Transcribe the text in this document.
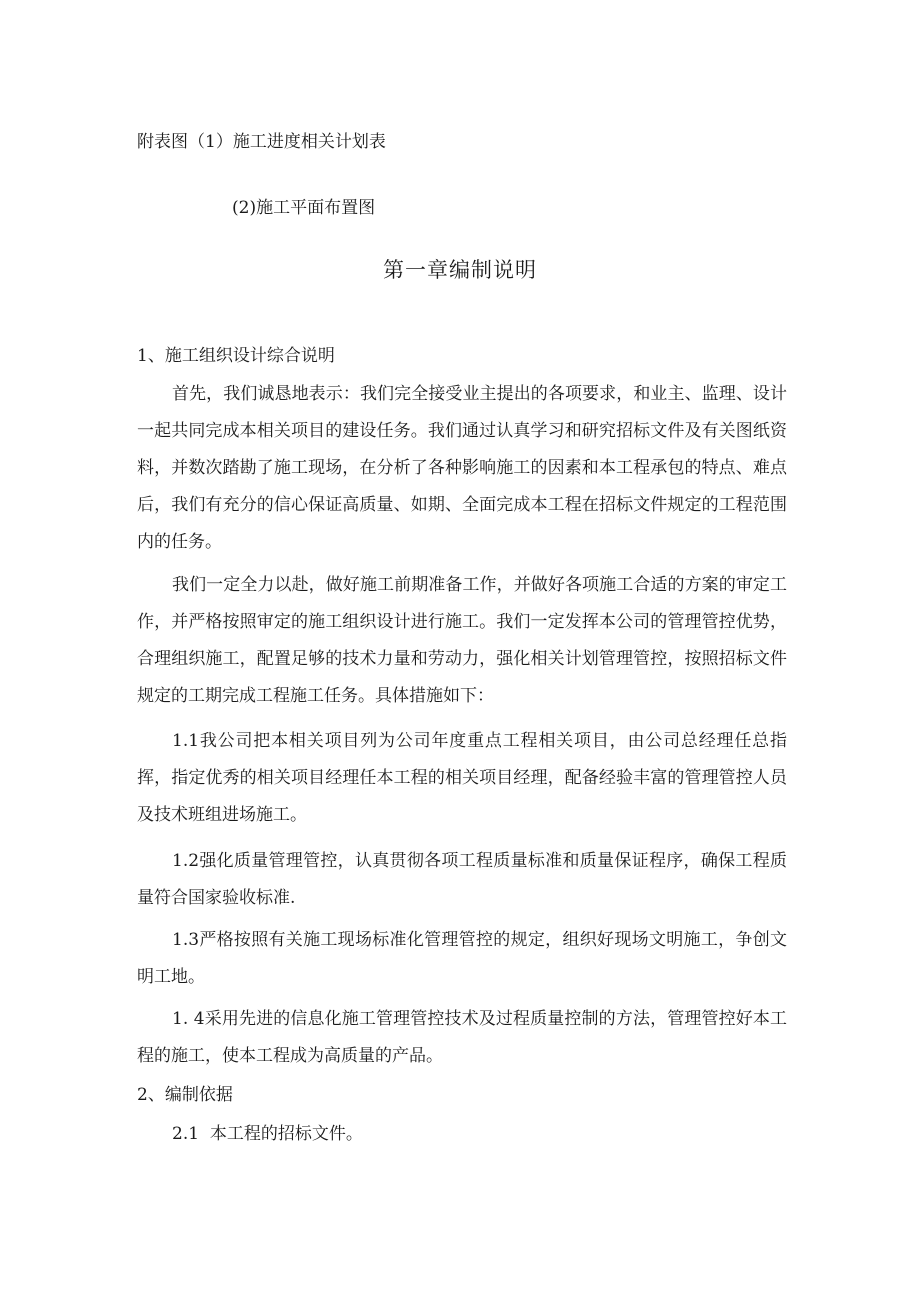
附表图（1）施工进度相关计划表
(2)施工平面布置图
第一章编制说明
1、施工组织设计综合说明

首先，我们诚恳地表示：我们完全接受业主提出的各项要求，和业主、监理、设计一起共同完成本相关项目的建设任务。我们通过认真学习和研究招标文件及有关图纸资料，并数次踏勘了施工现场，在分析了各种影响施工的因素和本工程承包的特点、难点后，我们有充分的信心保证高质量、如期、全面完成本工程在招标文件规定的工程范围内的任务。

我们一定全力以赴，做好施工前期准备工作，并做好各项施工合适的方案的审定工作，并严格按照审定的施工组织设计进行施工。我们一定发挥本公司的管理管控优势，合理组织施工，配置足够的技术力量和劳动力，强化相关计划管理管控，按照招标文件规定的工期完成工程施工任务。具体措施如下：

1.1我公司把本相关项目列为公司年度重点工程相关项目，由公司总经理任总指挥，指定优秀的相关项目经理任本工程的相关项目经理，配备经验丰富的管理管控人员及技术班组进场施工。

1.2强化质量管理管控，认真贯彻各项工程质量标准和质量保证程序，确保工程质量符合国家验收标准.

1.3严格按照有关施工现场标准化管理管控的规定，组织好现场文明施工，争创文明工地。

1. 4采用先进的信息化施工管理管控技术及过程质量控制的方法，管理管控好本工程的施工，使本工程成为高质量的产品。

2、编制依据
2.1  本工程的招标文件。
